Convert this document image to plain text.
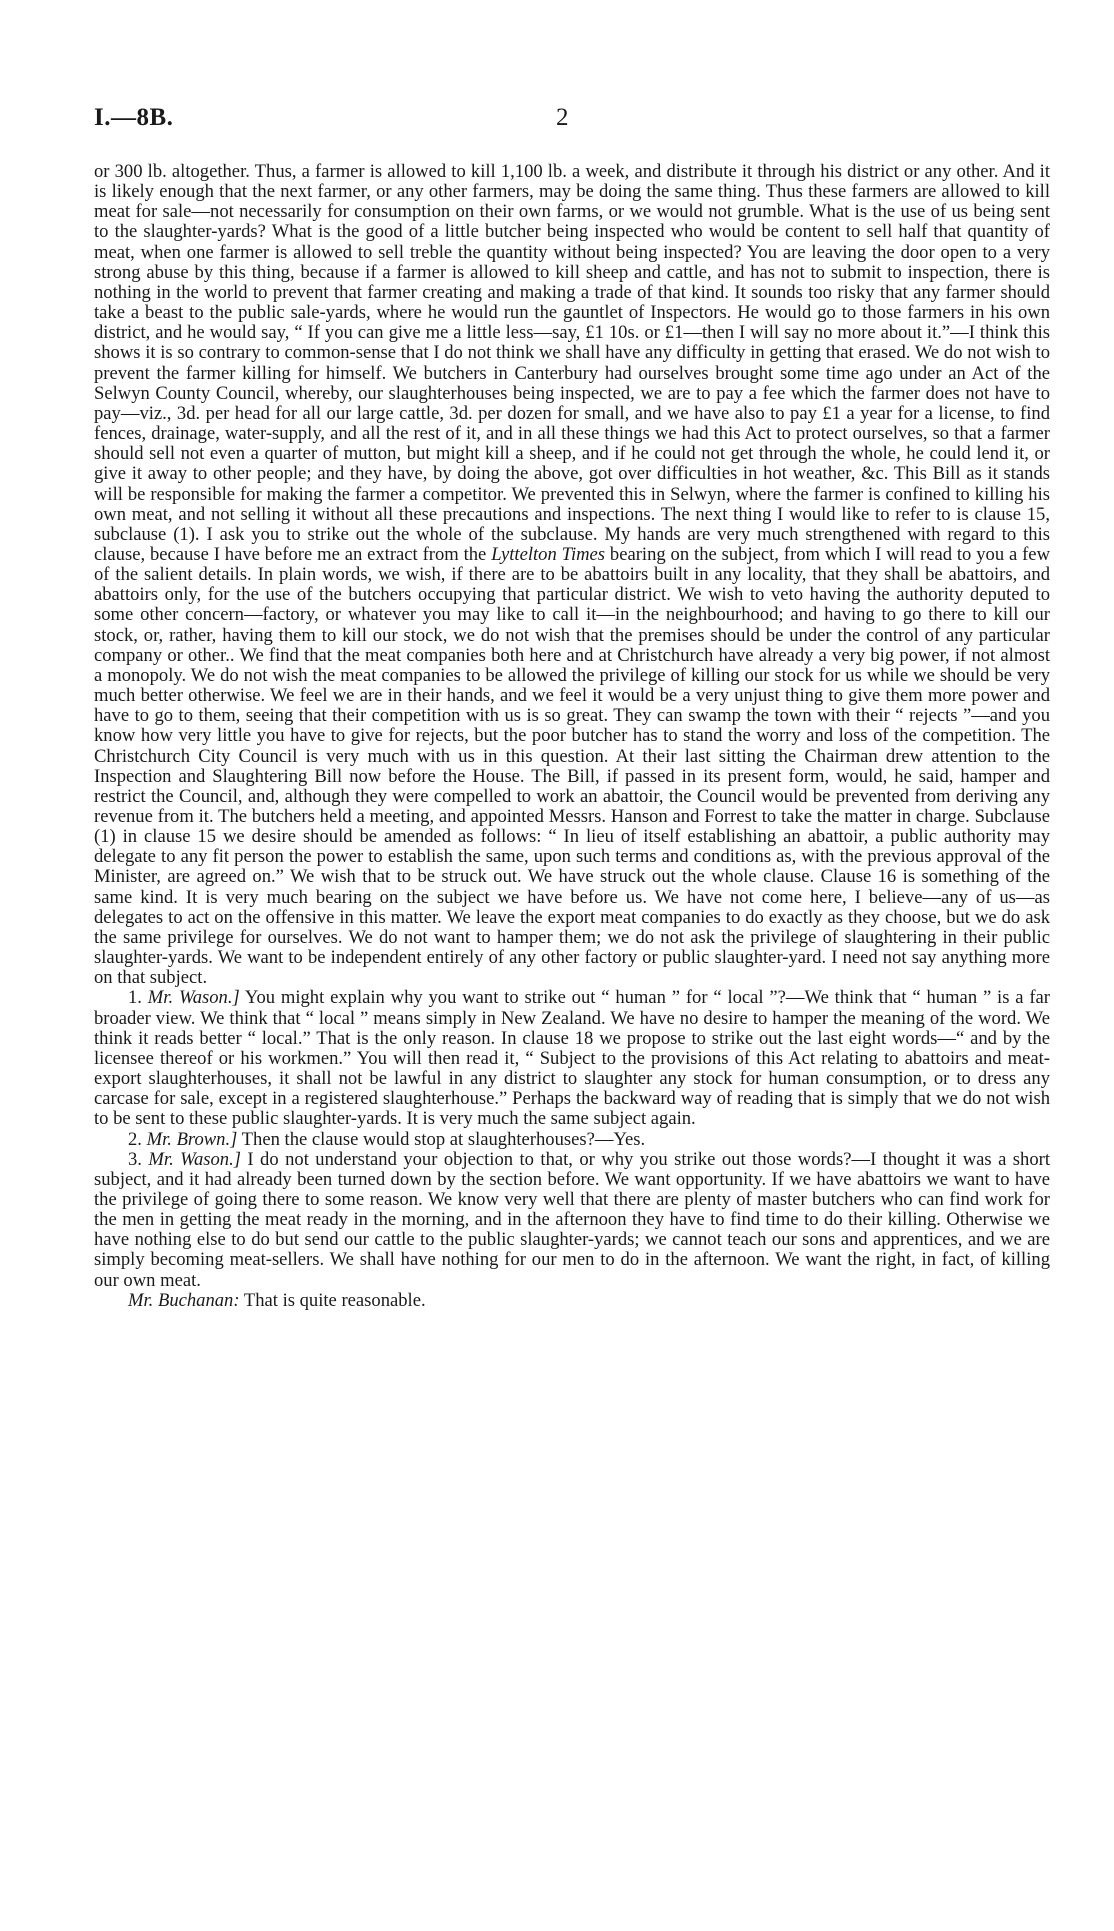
I.—8B.	2

or 300 lb. altogether. Thus, a farmer is allowed to kill 1,100 lb. a week, and distribute it through his district or any other. And it is likely enough that the next farmer, or any other farmers, may be doing the same thing. Thus these farmers are allowed to kill meat for sale—not necessarily for consumption on their own farms, or we would not grumble. What is the use of us being sent to the slaughter-yards? What is the good of a little butcher being inspected who would be content to sell half that quantity of meat, when one farmer is allowed to sell treble the quantity without being inspected? You are leaving the door open to a very strong abuse by this thing, because if a farmer is allowed to kill sheep and cattle, and has not to submit to inspection, there is nothing in the world to prevent that farmer creating and making a trade of that kind. It sounds too risky that any farmer should take a beast to the public sale-yards, where he would run the gauntlet of Inspectors. He would go to those farmers in his own district, and he would say, “ If you can give me a little less—say, £1 10s. or £1—then I will say no more about it.”—I think this shows it is so contrary to common-sense that I do not think we shall have any difficulty in getting that erased. We do not wish to prevent the farmer killing for himself. We butchers in Canterbury had ourselves brought some time ago under an Act of the Selwyn County Council, whereby, our slaughterhouses being inspected, we are to pay a fee which the farmer does not have to pay—viz., 3d. per head for all our large cattle, 3d. per dozen for small, and we have also to pay £1 a year for a license, to find fences, drainage, water-supply, and all the rest of it, and in all these things we had this Act to protect ourselves, so that a farmer should sell not even a quarter of mutton, but might kill a sheep, and if he could not get through the whole, he could lend it, or give it away to other people; and they have, by doing the above, got over difficulties in hot weather, &c. This Bill as it stands will be responsible for making the farmer a competitor. We prevented this in Selwyn, where the farmer is confined to killing his own meat, and not selling it without all these precautions and inspections. The next thing I would like to refer to is clause 15, subclause (1). I ask you to strike out the whole of the subclause. My hands are very much strengthened with regard to this clause, because I have before me an extract from the Lyttelton Times bearing on the subject, from which I will read to you a few of the salient details. In plain words, we wish, if there are to be abattoirs built in any locality, that they shall be abattoirs, and abattoirs only, for the use of the butchers occupying that particular district. We wish to veto having the authority deputed to some other concern—factory, or whatever you may like to call it—in the neighbourhood; and having to go there to kill our stock, or, rather, having them to kill our stock, we do not wish that the premises should be under the control of any particular company or other.. We find that the meat companies both here and at Christchurch have already a very big power, if not almost a monopoly. We do not wish the meat companies to be allowed the privilege of killing our stock for us while we should be very much better otherwise. We feel we are in their hands, and we feel it would be a very unjust thing to give them more power and have to go to them, seeing that their competition with us is so great. They can swamp the town with their “ rejects ”—and you know how very little you have to give for rejects, but the poor butcher has to stand the worry and loss of the competition. The Christchurch City Council is very much with us in this question. At their last sitting the Chairman drew attention to the Inspection and Slaughtering Bill now before the House. The Bill, if passed in its present form, would, he said, hamper and restrict the Council, and, although they were compelled to work an abattoir, the Council would be prevented from deriving any revenue from it. The butchers held a meeting, and appointed Messrs. Hanson and Forrest to take the matter in charge. Subclause (1) in clause 15 we desire should be amended as follows: “ In lieu of itself establishing an abattoir, a public authority may delegate to any fit person the power to establish the same, upon such terms and conditions as, with the previous approval of the Minister, are agreed on.” We wish that to be struck out. We have struck out the whole clause. Clause 16 is something of the same kind. It is very much bearing on the subject we have before us. We have not come here, I believe—any of us—as delegates to act on the offensive in this matter. We leave the export meat companies to do exactly as they choose, but we do ask the same privilege for ourselves. We do not want to hamper them; we do not ask the privilege of slaughtering in their public slaughter-yards. We want to be independent entirely of any other factory or public slaughter-yard. I need not say anything more on that subject.

1. Mr. Wason.] You might explain why you want to strike out “ human ” for “ local ”?—We think that “ human ” is a far broader view. We think that “ local ” means simply in New Zealand. We have no desire to hamper the meaning of the word. We think it reads better “ local.” That is the only reason. In clause 18 we propose to strike out the last eight words—“ and by the licensee thereof or his workmen.” You will then read it, “ Subject to the provisions of this Act relating to abattoirs and meat-export slaughterhouses, it shall not be lawful in any district to slaughter any stock for human consumption, or to dress any carcase for sale, except in a registered slaughterhouse.” Perhaps the backward way of reading that is simply that we do not wish to be sent to these public slaughter-yards. It is very much the same subject again.

2. Mr. Brown.] Then the clause would stop at slaughterhouses?—Yes.

3. Mr. Wason.] I do not understand your objection to that, or why you strike out those words?—I thought it was a short subject, and it had already been turned down by the section before. We want opportunity. If we have abattoirs we want to have the privilege of going there to some reason. We know very well that there are plenty of master butchers who can find work for the men in getting the meat ready in the morning, and in the afternoon they have to find time to do their killing. Otherwise we have nothing else to do but send our cattle to the public slaughter-yards; we cannot teach our sons and apprentices, and we are simply becoming meat-sellers. We shall have nothing for our men to do in the afternoon. We want the right, in fact, of killing our own meat.

Mr. Buchanan: That is quite reasonable.
